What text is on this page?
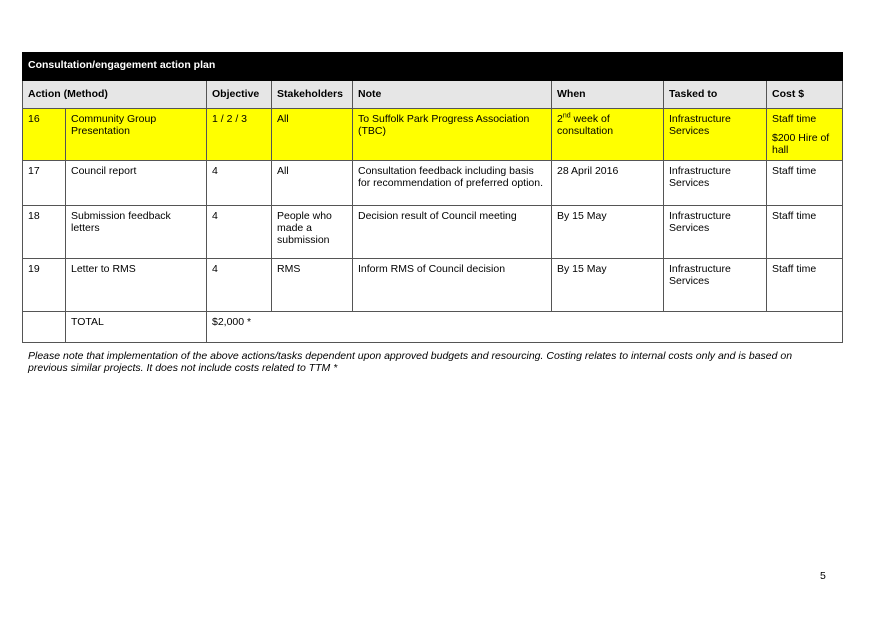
Consultation/engagement action plan							
Action (Method)		Objective	Stakeholders	Note	When	Tasked to	Cost $
16	Community Group Presentation	1 / 2 / 3	All	To Suffolk Park Progress Association (TBC)	2nd week of consultation	Infrastructure Services	Staff time
$200 Hire of hall

17	Council report	4	All	Consultation feedback including basis for recommendation of preferred option.	28 April 2016	Infrastructure Services	Staff time
18	Submission feedback letters	4	People who made a submission	Decision result of Council meeting	By 15 May	Infrastructure Services	Staff time
19	Letter to RMS	4	RMS	Inform RMS of Council decision	By 15 May	Infrastructure Services	Staff time
	TOTAL	$2,000 *					

Please note that implementation of the above actions/tasks dependent upon approved budgets and resourcing. Costing relates to internal costs only and is based on previous similar projects. It does not include costs related to TTM *

5
